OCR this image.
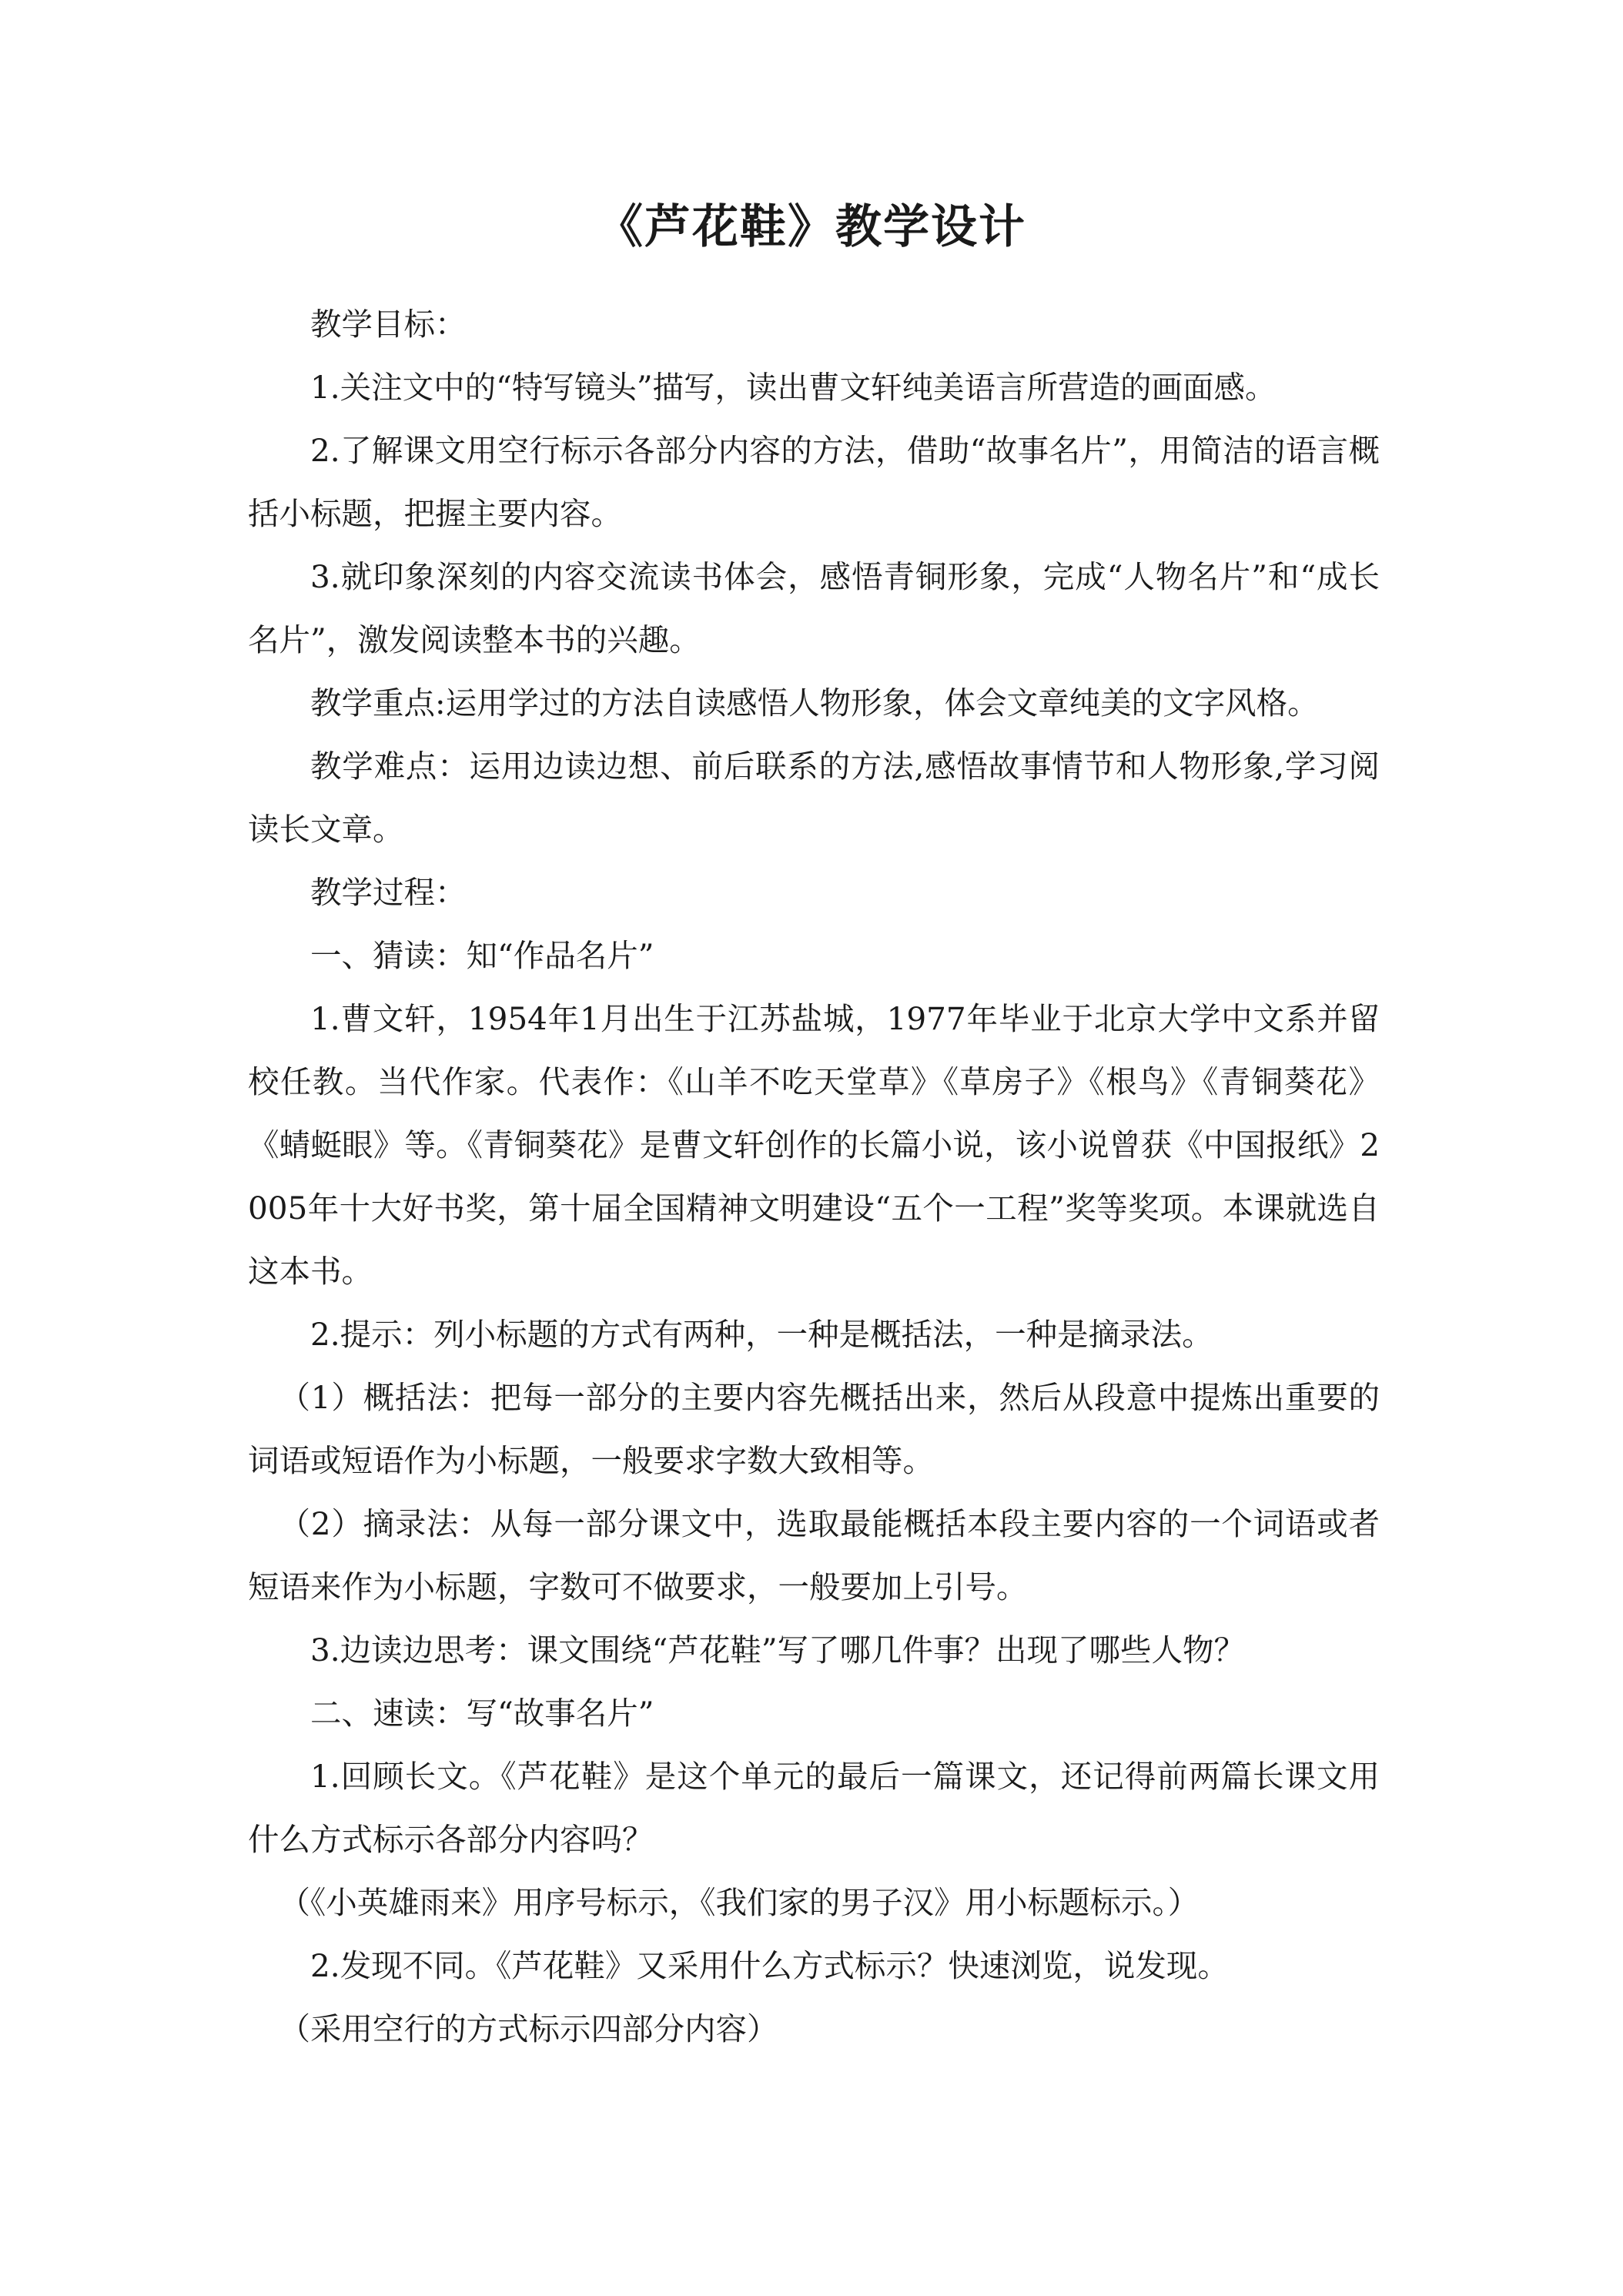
《芦花鞋》教学设计

教学目标：

1.关注文中的“特写镜头”描写，读出曹文轩纯美语言所营造的画面感。

2.了解课文用空行标示各部分内容的方法，借助“故事名片”，用简洁的语言概括小标题，把握主要内容。

3.就印象深刻的内容交流读书体会，感悟青铜形象，完成“人物名片”和“成长名片”，激发阅读整本书的兴趣。

教学重点:运用学过的方法自读感悟人物形象，体会文章纯美的文字风格。

教学难点：运用边读边想、前后联系的方法,感悟故事情节和人物形象,学习阅读长文章。

教学过程：

一、猜读：知“作品名片”

1.曹文轩，1954年1月出生于江苏盐城，1977年毕业于北京大学中文系并留校任教。当代作家。代表作：《山羊不吃天堂草》《草房子》《根鸟》《青铜葵花》《蜻蜓眼》等。《青铜葵花》是曹文轩创作的长篇小说，该小说曾获《中国报纸》2005年十大好书奖，第十届全国精神文明建设“五个一工程”奖等奖项。本课就选自这本书。

2.提示：列小标题的方式有两种，一种是概括法，一种是摘录法。

（1）概括法：把每一部分的主要内容先概括出来，然后从段意中提炼出重要的词语或短语作为小标题，一般要求字数大致相等。

（2）摘录法：从每一部分课文中，选取最能概括本段主要内容的一个词语或者短语来作为小标题，字数可不做要求，一般要加上引号。

3.边读边思考：课文围绕“芦花鞋”写了哪几件事？出现了哪些人物？

二、速读：写“故事名片”

1.回顾长文。《芦花鞋》是这个单元的最后一篇课文，还记得前两篇长课文用什么方式标示各部分内容吗？

（《小英雄雨来》用序号标示，《我们家的男子汉》用小标题标示。）

2.发现不同。《芦花鞋》又采用什么方式标示？快速浏览，说发现。

（采用空行的方式标示四部分内容）
